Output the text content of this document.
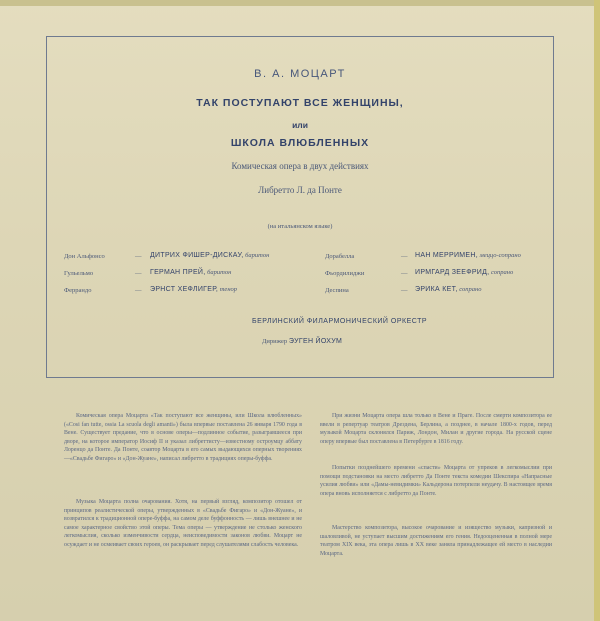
В. А. МОЦАРТ
ТАК ПОСТУПАЮТ ВСЕ ЖЕНЩИНЫ,
или
ШКОЛА ВЛЮБЛЕННЫХ
Комическая опера в двух действиях
Либретто Л. да Понте
(на итальянском языке)
Дон Альфонсо	— ДИТРИХ ФИШЕР-ДИСКАУ, баритон
Гульельмо	— ГЕРМАН ПРЕЙ, баритон
Феррандо	— ЭРНСТ ХЕФЛИГЕР, тенор
Дорабелла	— НАН МЕРРИМЕН, меццо-сопрано
Фьордилиджи	— ИРМГАРД ЗЕЕФРИД, сопрано
Деспина	— ЭРИКА КЕТ, сопрано
БЕРЛИНСКИЙ ФИЛАРМОНИЧЕСКИЙ ОРКЕСТР
Дирижер ЭУГЕН ЙОХУМ

Комическая опера Моцарта «Так поступают все женщины, или Школа влюбленных» («Cosi fan tutte, ossia La scuola degli amanti») была впервые поставлена 26 января 1790 года в Вене. Существует предание, что в основе оперы—подлинное событие, разыгравшееся при дворе, на которое император Иосиф II и указал либреттисту—известному остроумцу аббату Лоренцо да Понте. Да Понте, соавтор Моцарта в его самых выдающихся оперных творениях—«Свадьбе Фигаро» и «Дон-Жуане», написал либретто в традициях оперы-буффа.

Музыка Моцарта полна очарования. Хотя, на первый взгляд, композитор отошел от принципов реалистической оперы, утвержденных в «Свадьбе Фигаро» и «Дон-Жуане», и возвратился к традиционной опере-буффа, на самом деле буффонность — лишь внешнее и не самое характерное свойство этой оперы. Тема оперы — утверждение не столько женского легкомыслия, сколько изменчивости сердца, неисповедимости законов любви. Моцарт не осуждает и не осмеивает своих героев, он раскрывает перед слушателями слабость человека.

При жизни Моцарта опера шла только в Вене и Праге. После смерти композитора ее ввели в репертуар театров Дрездена, Берлина, а позднее, в начале 1800-х годов, перед музыкой Моцарта склонялся Париж, Лондон, Милан и другие города. На русской сцене оперу впервые был поставлена в Петербурге в 1816 году.

Попытки позднейшего времени «спасти» Моцарта от упреков в легкомыслии при помощи подстановки на место либретто Да Понте текста комедии Шекспира «Напрасные усилия любви» или «Дамы-невидимки» Кальдерона потерпели неудачу. В настоящее время опера вновь исполняется с либретто да Понте.

Мастерство композитора, высокое очарование и изящество музыки, капризной и шаловливой, не уступает высшим достижениям его гения. Недооцененная в полной мере театром XIX века, эта опера лишь в XX веке заняла принадлежащее ей место в наследии Моцарта.
